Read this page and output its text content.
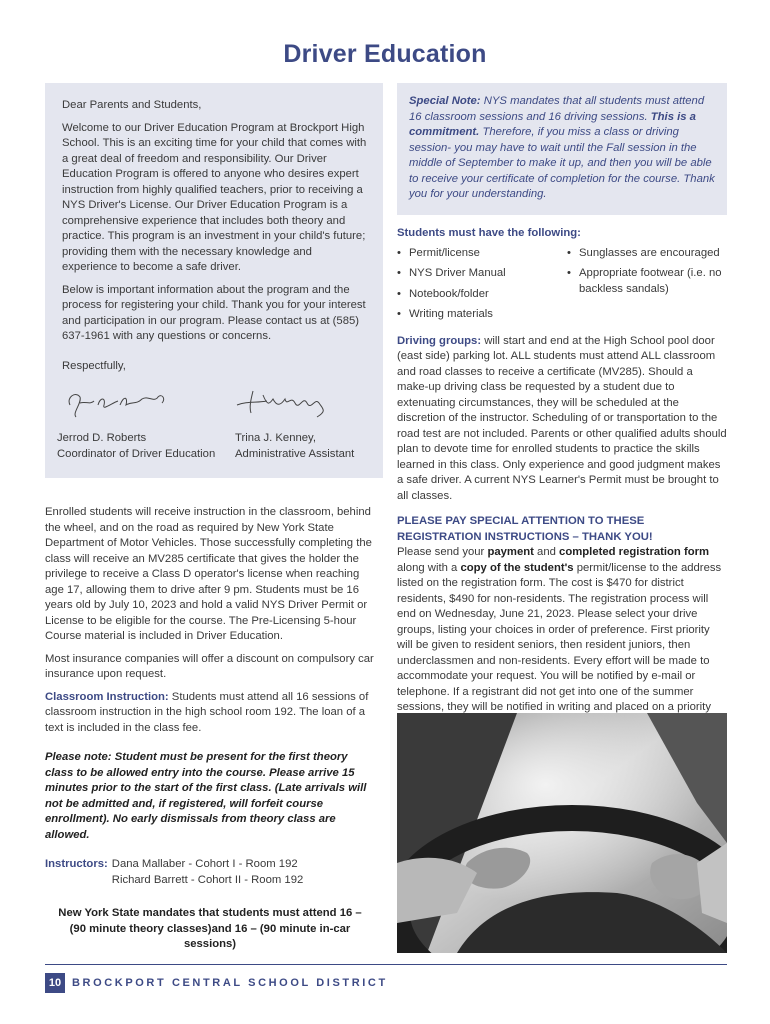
Driver Education

Dear Parents and Students,

Welcome to our Driver Education Program at Brockport High School. This is an exciting time for your child that comes with a great deal of freedom and responsibility. Our Driver Education Program is offered to anyone who desires expert instruction from highly qualified teachers, prior to receiving a NYS Driver's License. Our Driver Education Program is a comprehensive experience that includes both theory and practice. This program is an investment in your child's future; providing them with the necessary knowledge and experience to become a safe driver.

Below is important information about the program and the process for registering your child. Thank you for your interest and participation in our program. Please contact us at (585) 637-1961 with any questions or concerns.

Respectfully,

Jerrod D. Roberts
Coordinator of Driver Education
Trina J. Kenney,
Administrative Assistant

Enrolled students will receive instruction in the classroom, behind the wheel, and on the road as required by New York State Department of Motor Vehicles. Those successfully completing the class will receive an MV285 certificate that gives the holder the privilege to receive a Class D operator's license when reaching age 17, allowing them to drive after 9 pm. Students must be 16 years old by July 10, 2023 and hold a valid NYS Driver Permit or License to be eligible for the course. The Pre-Licensing 5-hour Course material is included in Driver Education.

Most insurance companies will offer a discount on compulsory car insurance upon request.

Classroom Instruction: Students must attend all 16 sessions of classroom instruction in the high school room 192. The loan of a text is included in the class fee.

Please note: Student must be present for the first theory class to be allowed entry into the course. Please arrive 15 minutes prior to the start of the first class. (Late arrivals will not be admitted and, if registered, will forfeit course enrollment). No early dismissals from theory class are allowed.

Instructors: Dana Mallaber - Cohort I - Room 192
Richard Barrett - Cohort II - Room 192
New York State mandates that students must attend 16 –
(90 minute theory classes)and 16 – (90 minute in-car sessions)
Special Note: NYS mandates that all students must attend 16 classroom sessions and 16 driving sessions. This is a commitment. Therefore, if you miss a class or driving session- you may have to wait until the Fall session in the middle of September to make it up, and then you will be able to receive your certificate of completion for the course. Thank you for your understanding.
Students must have the following:
• Permit/license
• NYS Driver Manual
• Notebook/folder
• Writing materials
• Sunglasses are encouraged
• Appropriate footwear (i.e. no backless sandals)

Driving groups: will start and end at the High School pool door (east side) parking lot. ALL students must attend ALL classroom and road classes to receive a certificate (MV285). Should a make-up driving class be requested by a student due to extenuating circumstances, they will be scheduled at the discretion of the instructor. Scheduling of or transportation to the road test are not included. Parents or other qualified adults should plan to devote time for enrolled students to practice the skills learned in this class. Only experience and good judgment makes a safe driver. A current NYS Learner's Permit must be brought to all classes.

PLEASE PAY SPECIAL ATTENTION TO THESE REGISTRATION INSTRUCTIONS – THANK YOU!
Please send your payment and completed registration form along with a copy of the student's permit/license to the address listed on the registration form. The cost is $470 for district residents, $490 for non-residents. The registration process will end on Wednesday, June 21, 2023. Please select your drive groups, listing your choices in order of preference. First priority will be given to resident seniors, then resident juniors, then underclassmen and non-residents. Every effort will be made to accommodate your request. You will be notified by e-mail or telephone. If a registrant did not get into one of the summer sessions, they will be notified in writing and placed on a priority
10 BROCKPORT CENTRAL SCHOOL DISTRICT
